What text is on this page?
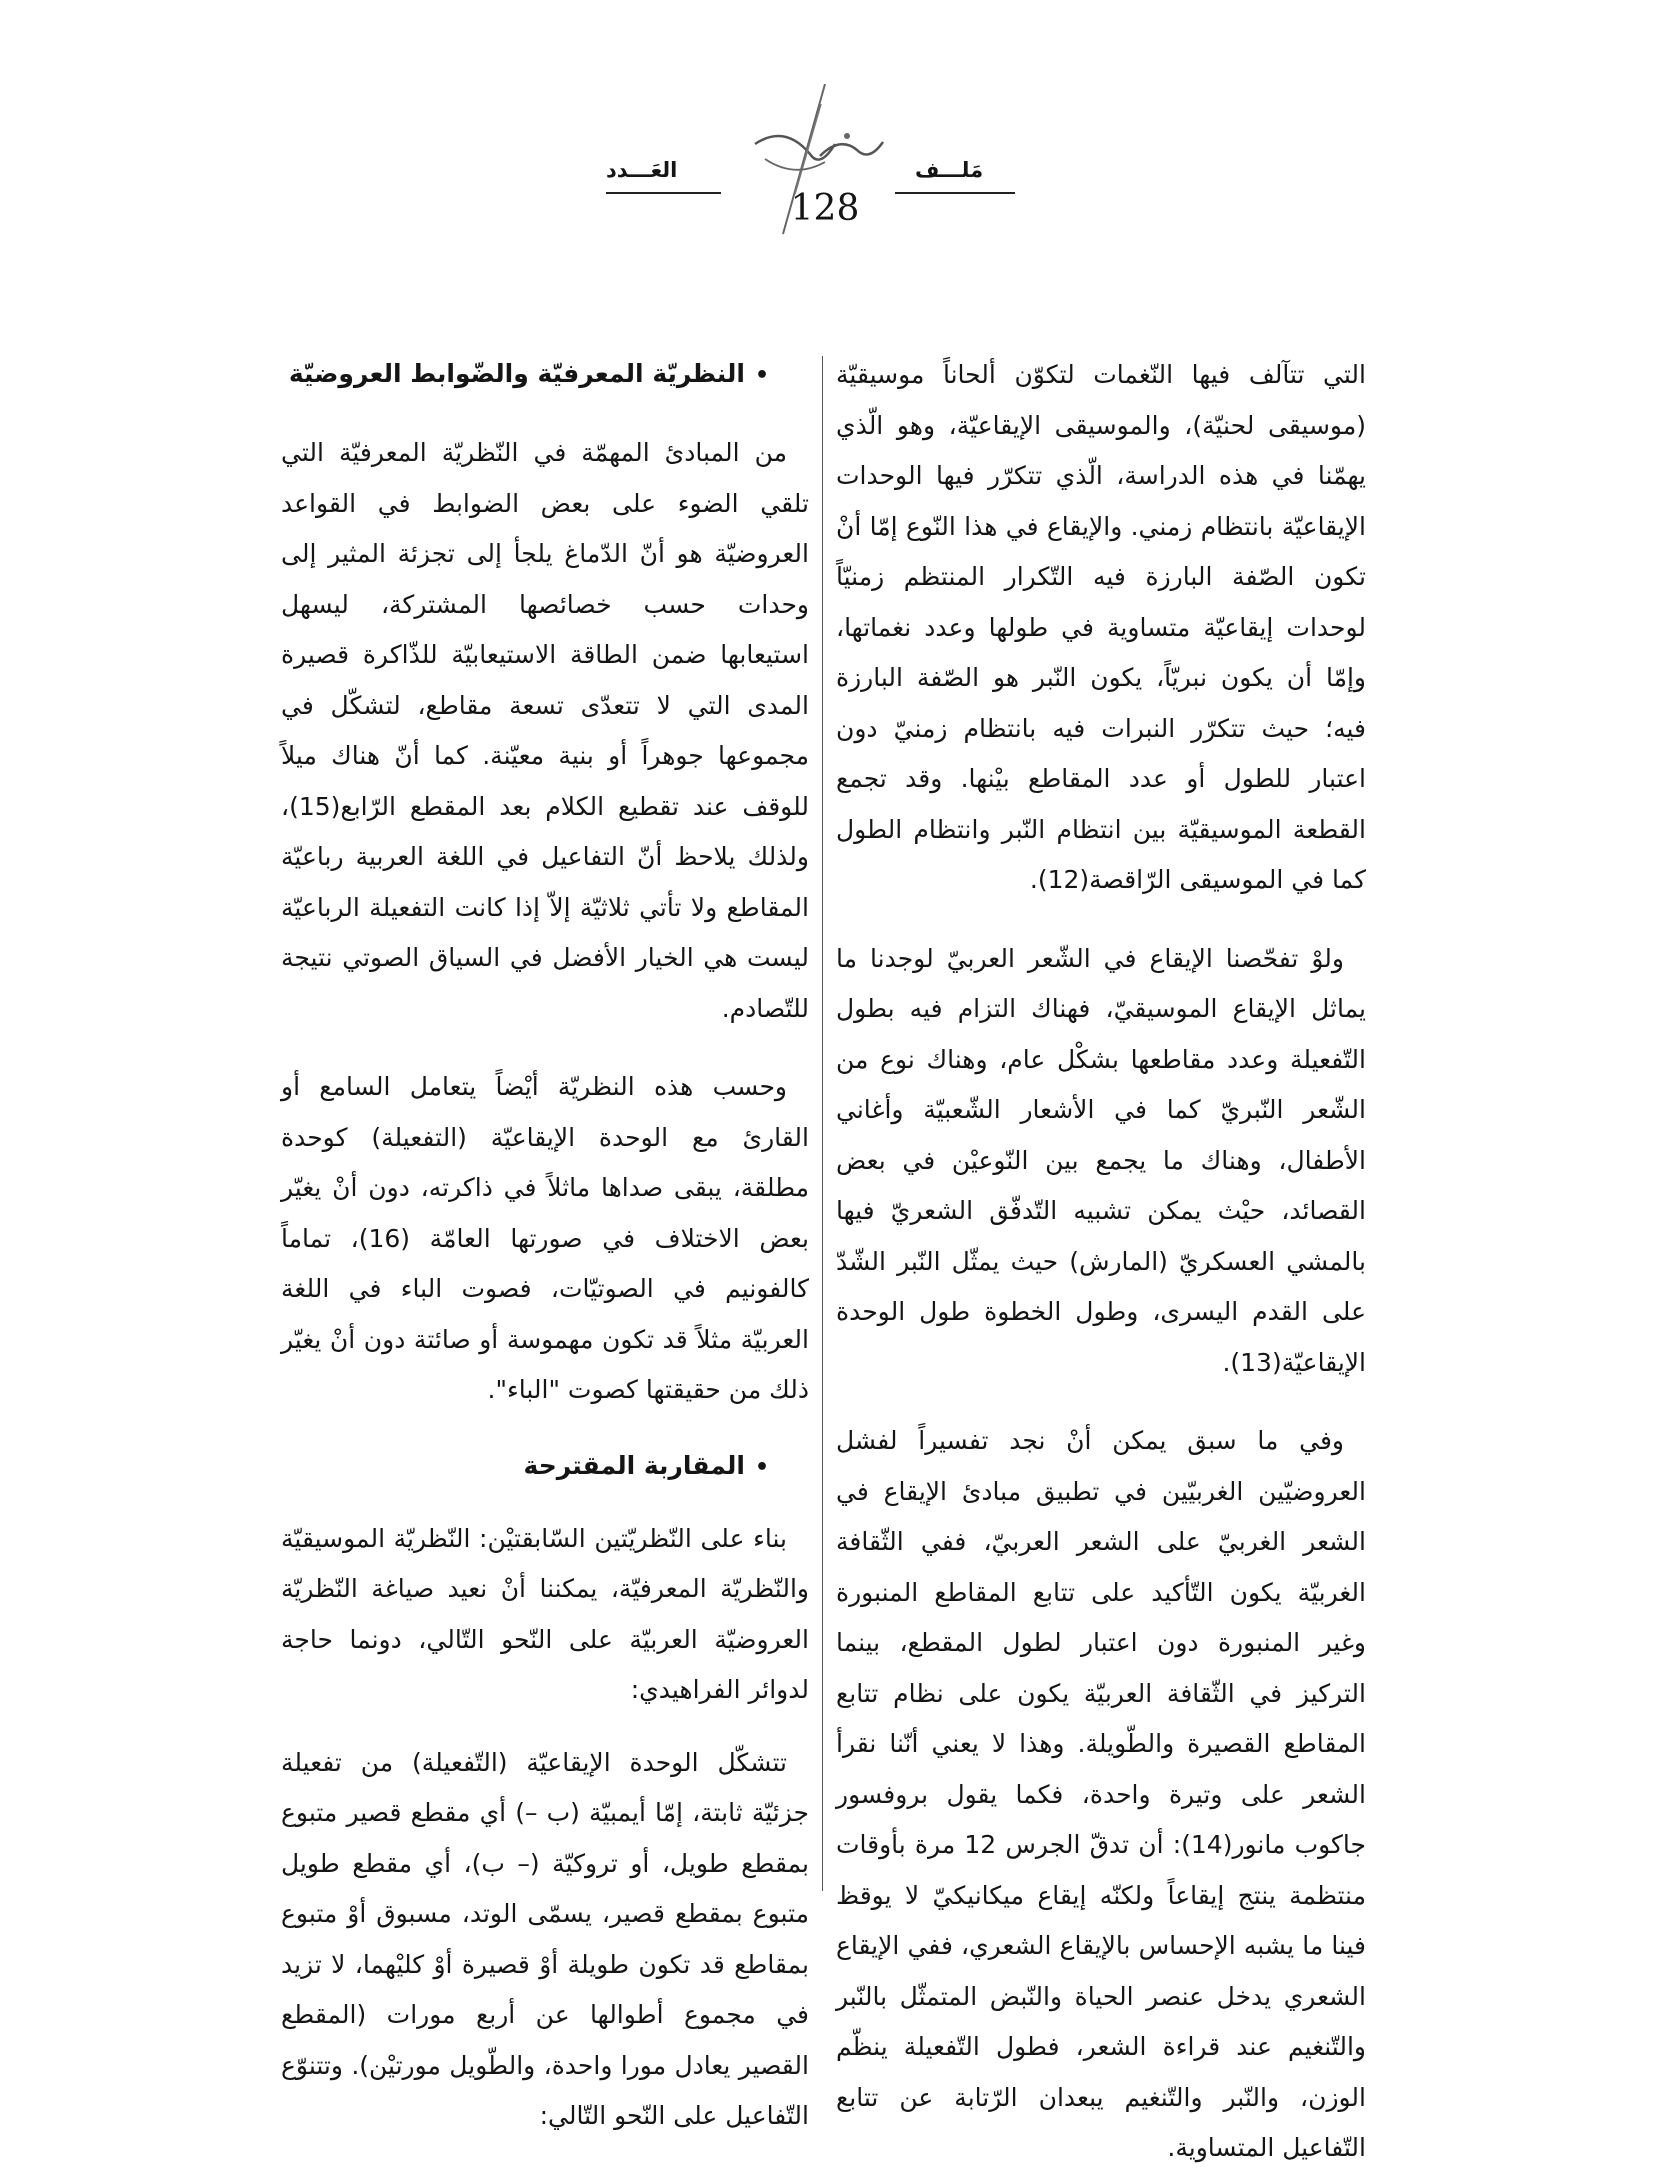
مَلـــف
العَـــدد
128

التي تتآلف فيها النّغمات لتكوّن ألحاناً موسيقيّة (موسيقى لحنيّة)، والموسيقى الإيقاعيّة، وهو الّذي يهمّنا في هذه الدراسة، الّذي تتكرّر فيها الوحدات الإيقاعيّة بانتظام زمني. والإيقاع في هذا النّوع إمّا أنْ تكون الصّفة البارزة فيه التّكرار المنتظم زمنيّاً لوحدات إيقاعيّة متساوية في طولها وعدد نغماتها، وإمّا أن يكون نبريّاً، يكون النّبر هو الصّفة البارزة فيه؛ حيث تتكرّر النبرات فيه بانتظام زمنيّ دون اعتبار للطول أو عدد المقاطع بيْنها. وقد تجمع القطعة الموسيقيّة بين انتظام النّبر وانتظام الطول كما في الموسيقى الرّاقصة(12).

ولوْ تفحّصنا الإيقاع في الشّعر العربيّ لوجدنا ما يماثل الإيقاع الموسيقيّ، فهناك التزام فيه بطول التّفعيلة وعدد مقاطعها بشكْل عام، وهناك نوع من الشّعر النّبريّ كما في الأشعار الشّعبيّة وأغاني الأطفال، وهناك ما يجمع بين النّوعيْن في بعض القصائد، حيْث يمكن تشبيه التّدفّق الشعريّ فيها بالمشي العسكريّ (المارش) حيث يمثّل النّبر الشّدّ على القدم اليسرى، وطول الخطوة طول الوحدة الإيقاعيّة(13).

وفي ما سبق يمكن أنْ نجد تفسيراً لفشل العروضيّين الغربيّين في تطبيق مبادئ الإيقاع في الشعر الغربيّ على الشعر العربيّ، ففي الثّقافة الغربيّة يكون التّأكيد على تتابع المقاطع المنبورة وغير المنبورة دون اعتبار لطول المقطع، بينما التركيز في الثّقافة العربيّة يكون على نظام تتابع المقاطع القصيرة والطّويلة. وهذا لا يعني أنّنا نقرأ الشعر على وتيرة واحدة، فكما يقول بروفسور جاكوب مانور(14): أن تدقّ الجرس 12 مرة بأوقات منتظمة ينتج إيقاعاً ولكنّه إيقاع ميكانيكيّ لا يوقظ فينا ما يشبه الإحساس بالإيقاع الشعري، ففي الإيقاع الشعري يدخل عنصر الحياة والنّبض المتمثّل بالنّبر والتّنغيم عند قراءة الشعر، فطول التّفعيلة ينظّم الوزن، والنّبر والتّنغيم يبعدان الرّتابة عن تتابع التّفاعيل المتساوية.

•النظريّة المعرفيّة والضّوابط العروضيّة

من المبادئ المهمّة في النّظريّة المعرفيّة التي تلقي الضوء على بعض الضوابط في القواعد العروضيّة هو أنّ الدّماغ يلجأ إلى تجزئة المثير إلى وحدات حسب خصائصها المشتركة، ليسهل استيعابها ضمن الطاقة الاستيعابيّة للذّاكرة قصيرة المدى التي لا تتعدّى تسعة مقاطع، لتشكّل في مجموعها جوهراً أو بنية معيّنة. كما أنّ هناك ميلاً للوقف عند تقطيع الكلام بعد المقطع الرّابع(15)، ولذلك يلاحظ أنّ التفاعيل في اللغة العربية رباعيّة المقاطع ولا تأتي ثلاثيّة إلاّ إذا كانت التفعيلة الرباعيّة ليست هي الخيار الأفضل في السياق الصوتي نتيجة للتّصادم.

وحسب هذه النظريّة أيْضاً يتعامل السامع أو القارئ مع الوحدة الإيقاعيّة (التفعيلة) كوحدة مطلقة، يبقى صداها ماثلاً في ذاكرته، دون أنْ يغيّر بعض الاختلاف في صورتها العامّة (16)، تماماً كالفونيم في الصوتيّات، فصوت الباء في اللغة العربيّة مثلاً قد تكون مهموسة أو صائتة دون أنْ يغيّر ذلك من حقيقتها كصوت "الباء".

•المقاربة المقترحة

بناء على النّظريّتين السّابقتيْن: النّظريّة الموسيقيّة والنّظريّة المعرفيّة، يمكننا أنْ نعيد صياغة النّظريّة العروضيّة العربيّة على النّحو التّالي، دونما حاجة لدوائر الفراهيدي:

تتشكّل الوحدة الإيقاعيّة (التّفعيلة) من تفعيلة جزئيّة ثابتة، إمّا أيمبيّة (ب –) أي مقطع قصير متبوع بمقطع طويل، أو تروكيّة (– ب)، أي مقطع طويل متبوع بمقطع قصير، يسمّى الوتد، مسبوق أوْ متبوع بمقاطع قد تكون طويلة أوْ قصيرة أوْ كليْهما، لا تزيد في مجموع أطوالها عن أربع مورات (المقطع القصير يعادل مورا واحدة، والطّويل مورتيْن). وتتنوّع التّفاعيل على النّحو التّالي:
